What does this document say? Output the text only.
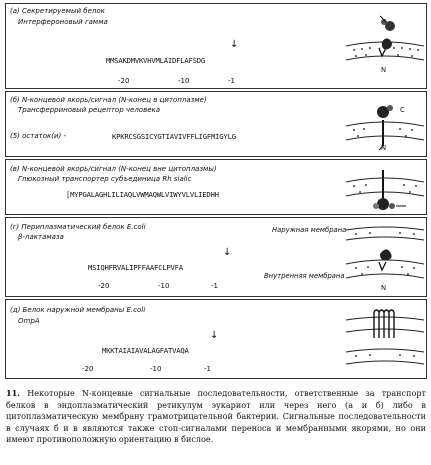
(а) Секретируемый белок
Интерфероновый гамма
MMSAKDMVKVHVMLAIDFLAFSDG
↓
-20	-10	-1
N
(б) N-концевой якорь/сигнал (N-конец в цитоплазме)
Трансферриновый рецептор человека
(5) остаток(и) -	KPKRCSGSICYGTIAVIVFFLIGFMIGYLG
C
N
(в) N-концевой якорь/сигнал (N-конец вне цитоплазмы)
Глюкозный транспортер субъединица Rh sialic
[MYPGALAGHLILIAQLVWMAQWLVIWYVLVLIEDHH
(г) Периплазматический белок E.coli
β-лактамаза
MSIQHFRVALIPFFAAFCLPVFA
↓
-20	-10	-1
Наружная мембрана
Внутренняя мембрана
N
(д) Белок наружной мембраны E.coli
OmpA
MKKTAIAIAVALAGFATVAQA
↓
-20	-10	-1
11. Некоторые N-концевые сигнальные последовательности, ответственные за транспорт белков в эндоплазматический ретикулум эукариот или через него (а и б) либо в цитоплазматическую мембрану грамотрицательной бактерии. Сигнальные последовательности в случаях б и в являются также стоп-сигналами переноса и мембранными якорями, но они имеют противоположную ориентацию в бислое.
